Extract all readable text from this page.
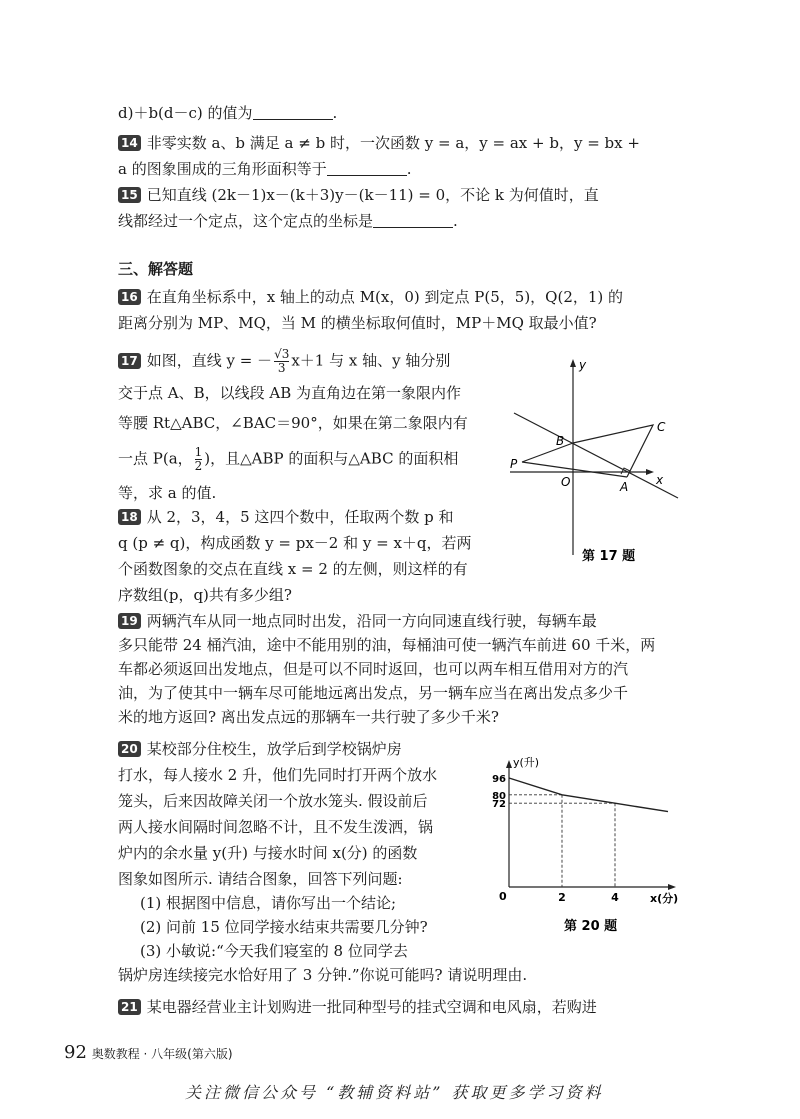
d)＋b(d－c) 的值为	.
14 非零实数 a、b 满足 a ≠ b 时，一次函数 y = a，y = ax + b，y = bx +
a 的图象围成的三角形面积等于	.
15 已知直线 (2k－1)x－(k＋3)y－(k－11) = 0，不论 k 为何值时，直
线都经过一个定点，这个定点的坐标是	.
三、解答题
16 在直角坐标系中，x 轴上的动点 M(x，0) 到定点 P(5，5)，Q(2，1) 的
距离分别为 MP、MQ，当 M 的横坐标取何值时，MP＋MQ 取最小值?
17 如图，直线 y = － $\frac{√3}{3} x+1$ 与 x 轴、y 轴分别
交于点 A、B，以线段 AB 为直角边在第一象限内作
等腰 Rt△ABC，∠BAC＝90°，如果在第二象限内有
一点 P(a， $\frac{1}{2}$ )，且△ABP 的面积与△ABC 的面积相
等，求 a 的值.
y
x
B
C
P
O	A
第 17 题
18 从 2，3，4，5 这四个数中，任取两个数 p 和
q (p ≠ q)，构成函数 y = px－2 和 y = x＋q，若两
个函数图象的交点在直线 x = 2 的左侧，则这样的有
序数组(p，q)共有多少组?
19 两辆汽车从同一地点同时出发，沿同一方向同速直线行驶，每辆车最
多只能带 24 桶汽油，途中不能用别的油，每桶油可使一辆汽车前进 60 千米，两
车都必须返回出发地点，但是可以不同时返回，也可以两车相互借用对方的汽
油，为了使其中一辆车尽可能地远离出发点，另一辆车应当在离出发点多少千
米的地方返回? 离出发点远的那辆车一共行驶了多少千米?
20 某校部分住校生，放学后到学校锅炉房
打水，每人接水 2 升，他们先同时打开两个放水
笼头，后来因故障关闭一个放水笼头. 假设前后
两人接水间隔时间忽略不计，且不发生泼洒，锅
炉内的余水量 y(升) 与接水时间 x(分) 的函数
图象如图所示. 请结合图象，回答下列问题:
(1) 根据图中信息，请你写出一个结论;
(2) 问前 15 位同学接水结束共需要几分钟?
(3) 小敏说:“今天我们寝室的 8 位同学去
锅炉房连续接完水恰好用了 3 分钟.”你说可能吗? 请说明理由.
96
80
72
2	4
y(升)
x(分)
0
第 20 题
21 某电器经营业主计划购进一批同种型号的挂式空调和电风扇，若购进
92 奥数教程 · 八年级(第六版)
关注微信公众号 “教辅资料站” 获取更多学习资料
